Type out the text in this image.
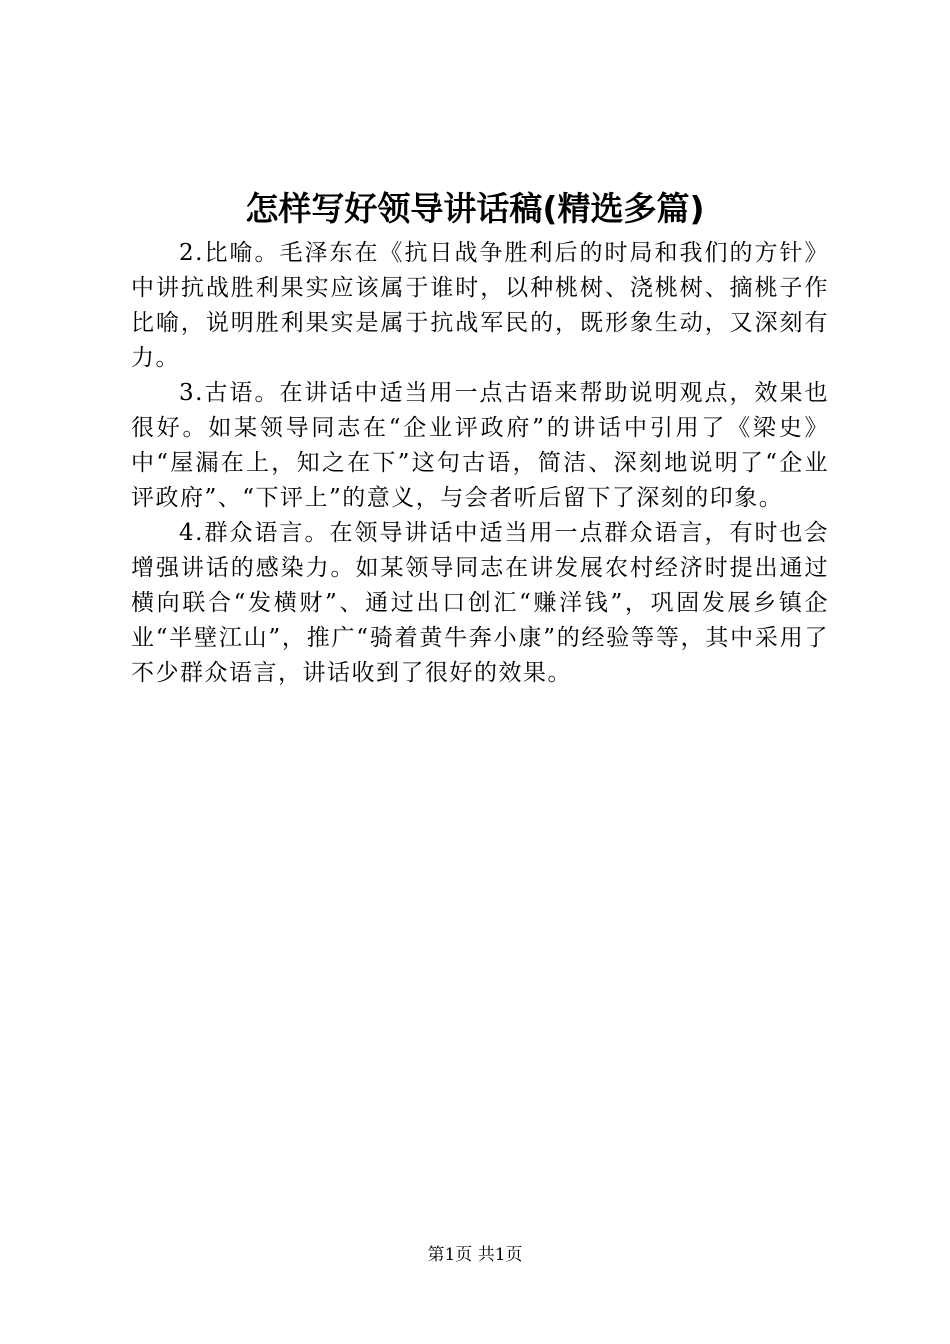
怎样写好领导讲话稿(精选多篇)

2.比喻。毛泽东在《抗日战争胜利后的时局和我们的方针》中讲抗战胜利果实应该属于谁时，以种桃树、浇桃树、摘桃子作比喻，说明胜利果实是属于抗战军民的，既形象生动，又深刻有力。

3.古语。在讲话中适当用一点古语来帮助说明观点，效果也很好。如某领导同志在“企业评政府”的讲话中引用了《梁史》中“屋漏在上，知之在下”这句古语，简洁、深刻地说明了“企业评政府”、“下评上”的意义，与会者听后留下了深刻的印象。

4.群众语言。在领导讲话中适当用一点群众语言，有时也会增强讲话的感染力。如某领导同志在讲发展农村经济时提出通过横向联合“发横财”、通过出口创汇“赚洋钱”，巩固发展乡镇企业“半壁江山”，推广“骑着黄牛奔小康”的经验等等，其中采用了不少群众语言，讲话收到了很好的效果。

第1页 共1页
